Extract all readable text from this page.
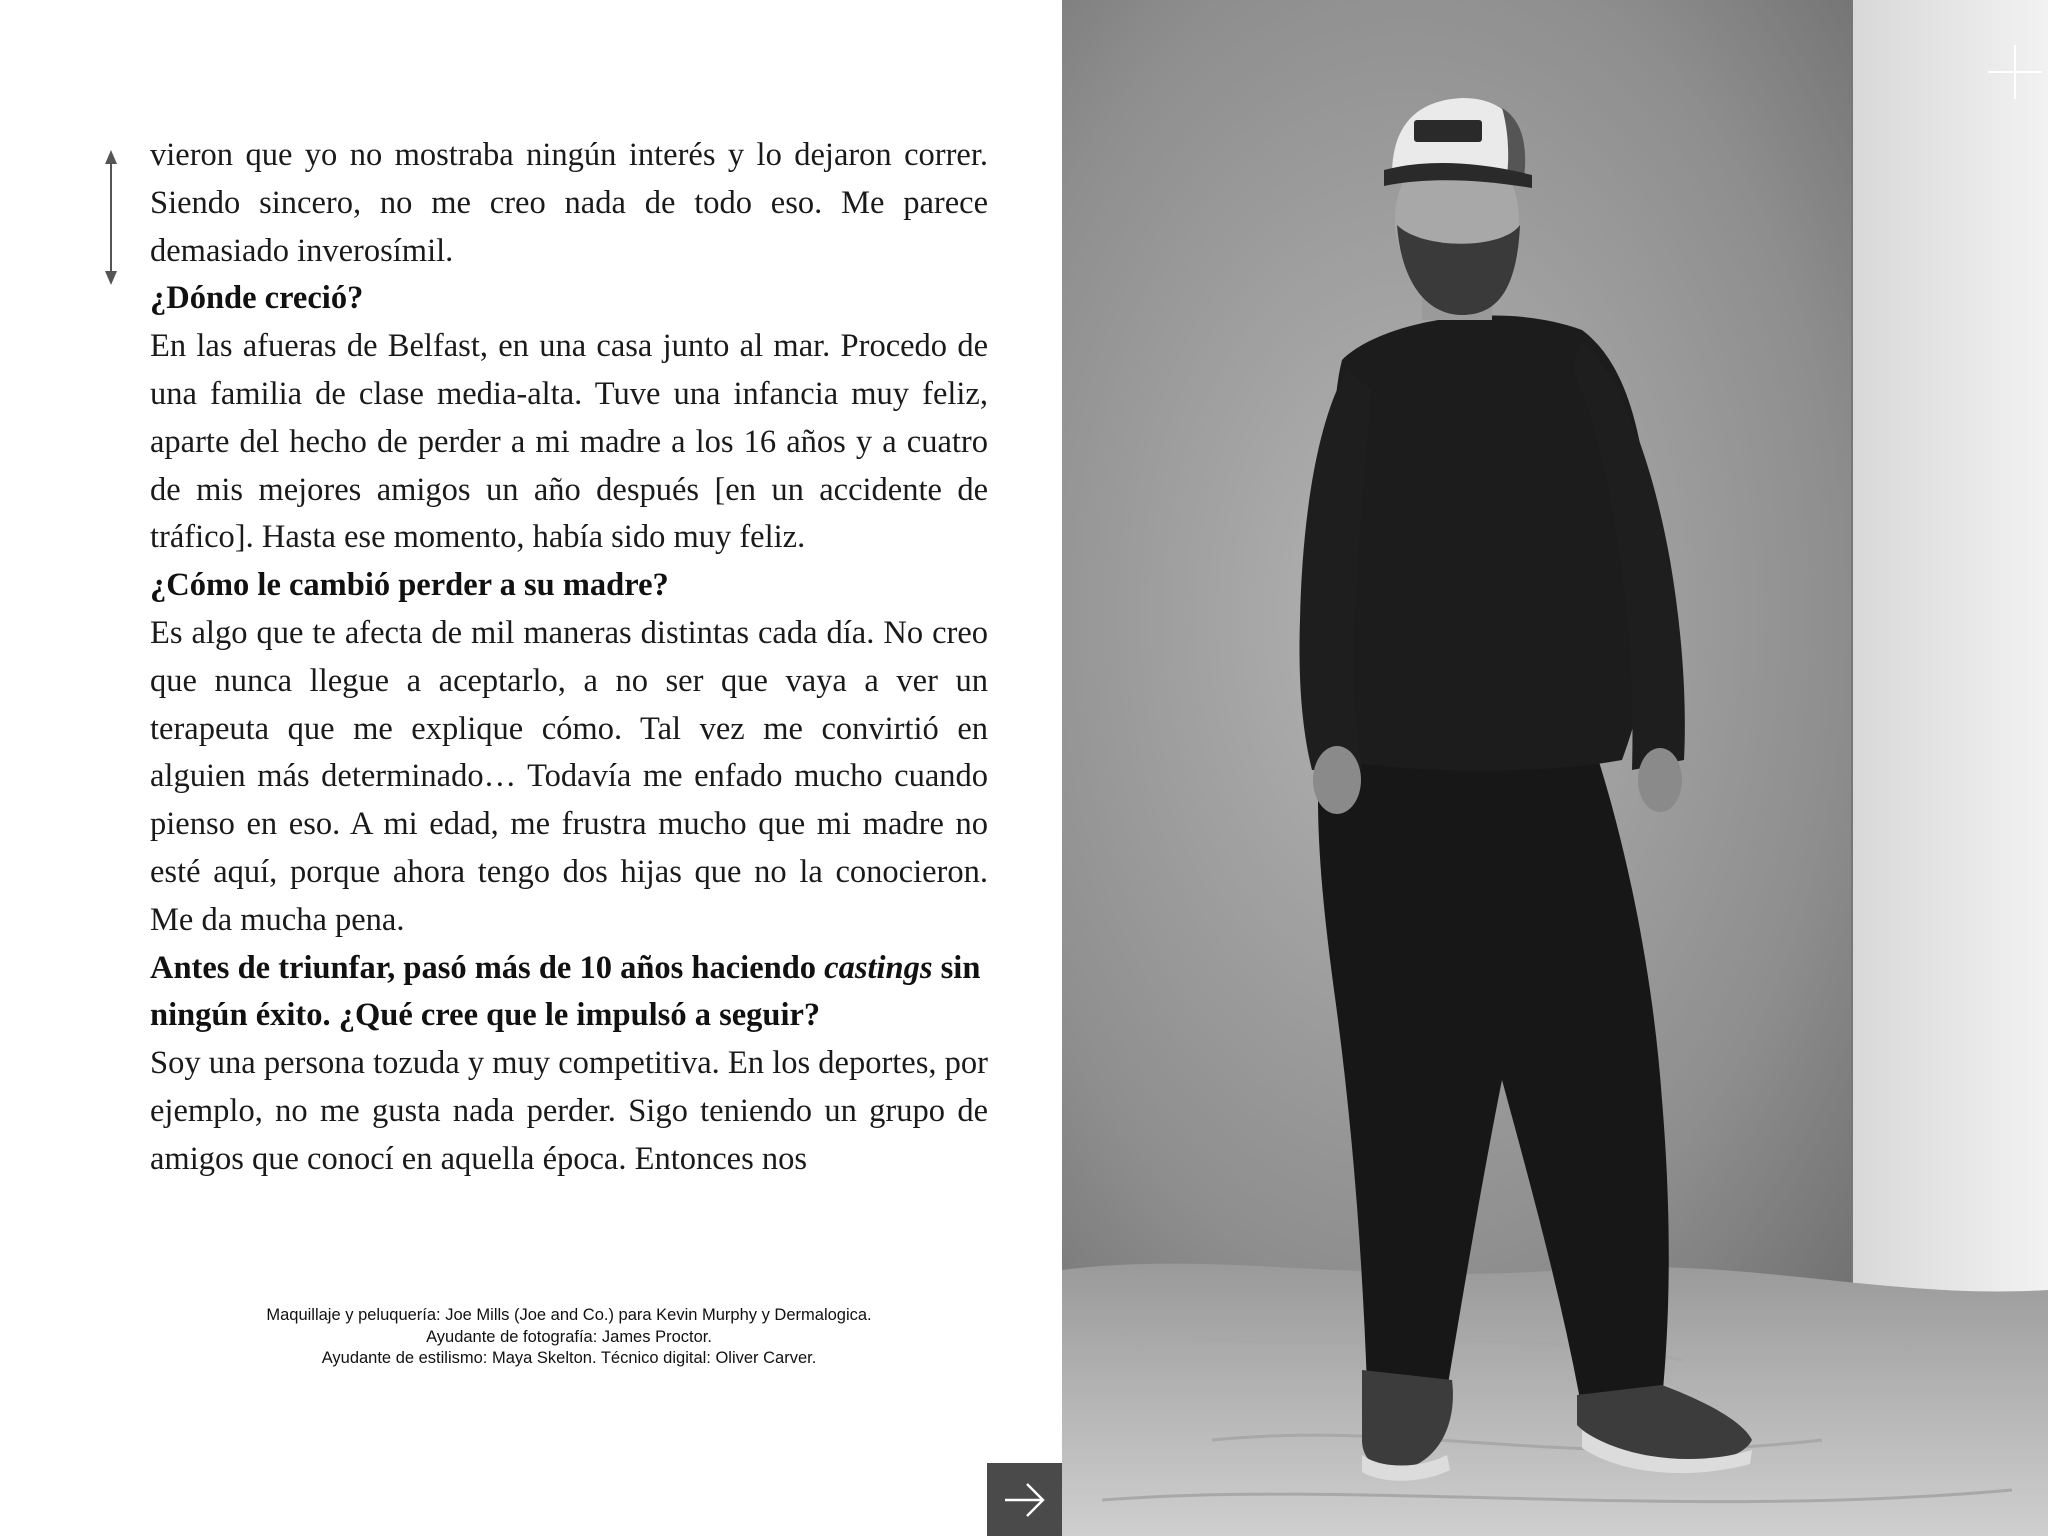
vieron que yo no mostraba ningún interés y lo dejaron correr. Siendo sincero, no me creo nada de todo eso. Me parece demasiado inverosímil.

¿Dónde creció?

En las afueras de Belfast, en una casa junto al mar. Procedo de una familia de clase media-alta. Tuve una infancia muy feliz, aparte del hecho de perder a mi madre a los 16 años y a cuatro de mis mejores amigos un año después [en un accidente de tráfico]. Hasta ese momento, había sido muy feliz.

¿Cómo le cambió perder a su madre?

Es algo que te afecta de mil maneras distintas cada día. No creo que nunca llegue a aceptarlo, a no ser que vaya a ver un terapeuta que me explique cómo. Tal vez me convirtió en alguien más determinado… Todavía me enfado mucho cuando pienso en eso. A mi edad, me frustra mucho que mi madre no esté aquí, porque ahora tengo dos hijas que no la conocieron. Me da mucha pena.

Antes de triunfar, pasó más de 10 años haciendo castings sin ningún éxito. ¿Qué cree que le impulsó a seguir?

Soy una persona tozuda y muy competitiva. En los deportes, por ejemplo, no me gusta nada perder. Sigo teniendo un grupo de amigos que conocí en aquella época. Entonces nos

Maquillaje y peluquería: Joe Mills (Joe and Co.) para Kevin Murphy y Dermalogica.
Ayudante de fotografía: James Proctor.
Ayudante de estilismo: Maya Skelton. Técnico digital: Oliver Carver.
